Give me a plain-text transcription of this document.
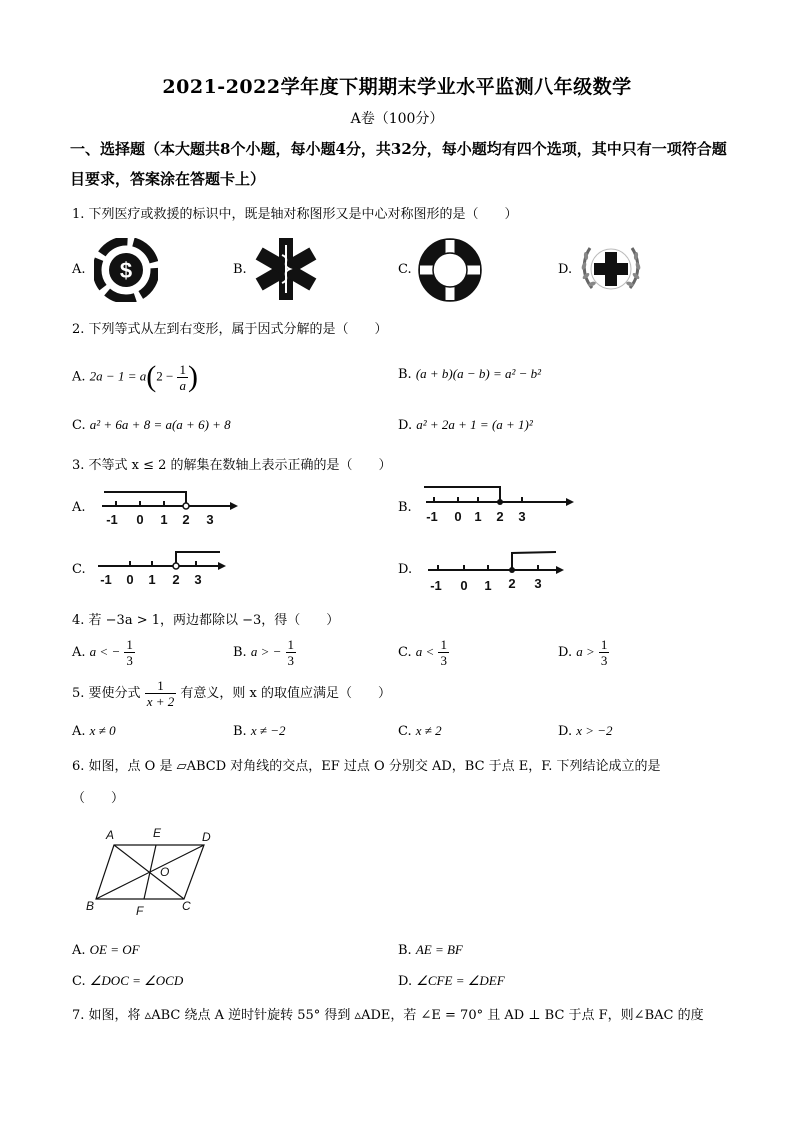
2021-2022学年度下期期末学业水平监测八年级数学
A卷（100分）
一、选择题（本大题共8个小题，每小题4分，共32分，每小题均有四个选项，其中只有一项符合题目要求，答案涂在答题卡上）
1. 下列医疗或救援的标识中，既是轴对称图形又是中心对称图形的是（　　）
A. $	B.	C.	D.
2. 下列等式从左到右变形，属于因式分解的是（　　）
A. $2a - 1 = a(2 - \frac{1}{a}$ )	B. (a + b)(a − b) = a² − b²
C. a² + 6a + 8 = a(a + 6) + 8	D. a² + 2a + 1 = (a + 1)²
3. 不等式 x ≤ 2 的解集在数轴上表示正确的是（　　）
A.
-1 0 1 2 3
B.
-1 0 1 2 3
C.
-1 0 1 2 3
D.
-1 0 1 2 3
4. 若 −3a > 1，两边都除以 −3，得（　　）
A. a < − $\frac{1}{3}$	B. a > − $\frac{1}{3}$	C. $a < \frac{1}{3}$	D. $a > \frac{1}{3}$
5. 要使分式 $\frac{1}{x + 2}$ 有意义，则 x 的取值应满足（　　）
A. x ≠ 0	B. x ≠ −2	C. x ≠ 2	D. x > −2
6. 如图，点 O 是 ▱ABCD 对角线的交点，EF 过点 O 分别交 AD，BC 于点 E，F. 下列结论成立的是
（　　）
A	E	D
O
B	F	C
A. OE = OF	B. AE = BF
C. ∠DOC = ∠OCD	D. ∠CFE = ∠DEF
7. 如图，将 ▵ABC 绕点 A 逆时针旋转 55° 得到 ▵ADE，若 ∠E = 70° 且 AD ⊥ BC 于点 F，则∠BAC 的度
